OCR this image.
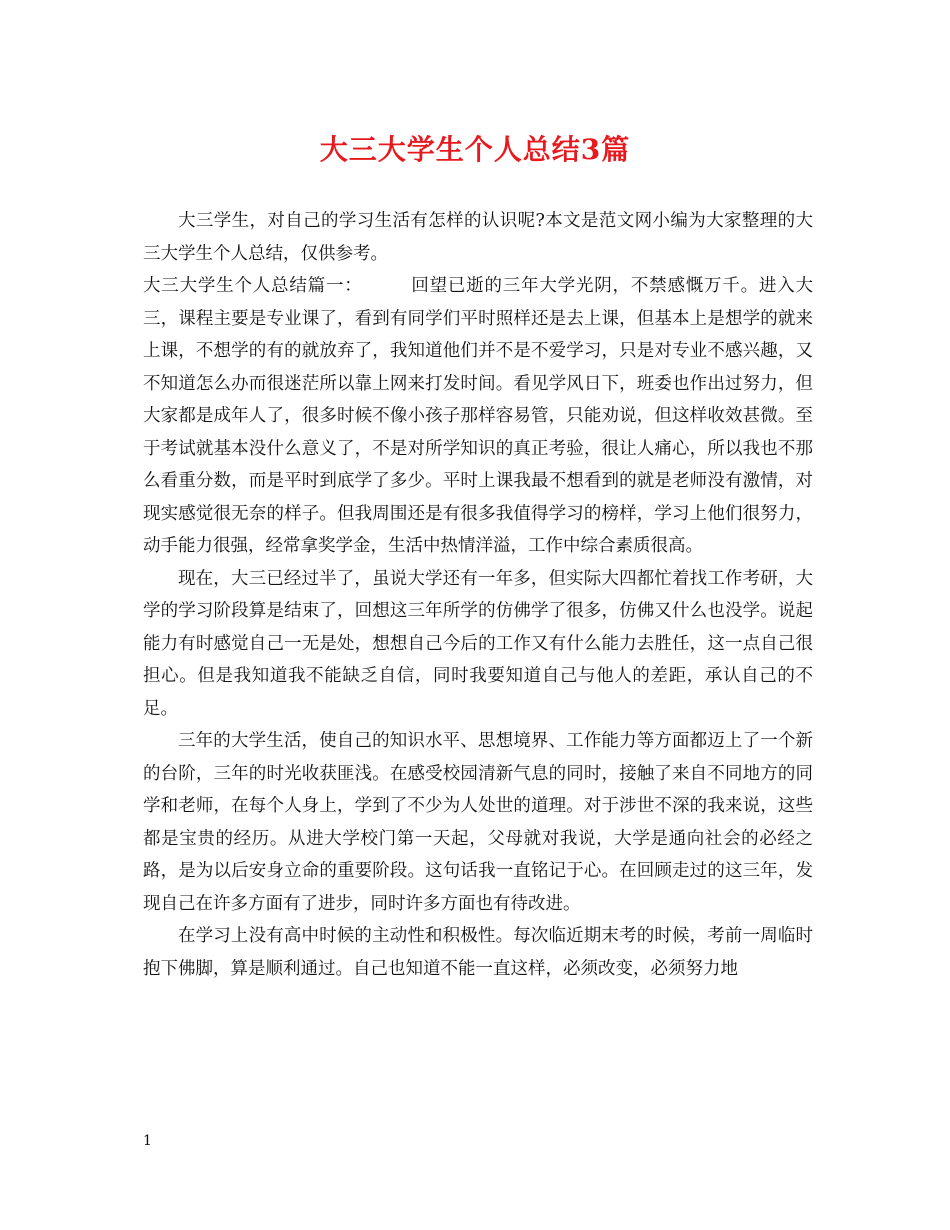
大三大学生个人总结3篇

大三学生，对自己的学习生活有怎样的认识呢?本文是范文网小编为大家整理的大三大学生个人总结，仅供参考。

大三大学生个人总结篇一：	回望已逝的三年大学光阴，不禁感慨万千。进入大三，课程主要是专业课了，看到有同学们平时照样还是去上课，但基本上是想学的就来上课，不想学的有的就放弃了，我知道他们并不是不爱学习，只是对专业不感兴趣，又不知道怎么办而很迷茫所以靠上网来打发时间。看见学风日下，班委也作出过努力，但大家都是成年人了，很多时候不像小孩子那样容易管，只能劝说，但这样收效甚微。至于考试就基本没什么意义了，不是对所学知识的真正考验，很让人痛心，所以我也不那么看重分数，而是平时到底学了多少。平时上课我最不想看到的就是老师没有激情，对现实感觉很无奈的样子。但我周围还是有很多我值得学习的榜样，学习上他们很努力，动手能力很强，经常拿奖学金，生活中热情洋溢，工作中综合素质很高。

现在，大三已经过半了，虽说大学还有一年多，但实际大四都忙着找工作考研，大学的学习阶段算是结束了，回想这三年所学的仿佛学了很多，仿佛又什么也没学。说起能力有时感觉自己一无是处，想想自己今后的工作又有什么能力去胜任，这一点自己很担心。但是我知道我不能缺乏自信，同时我要知道自己与他人的差距，承认自己的不足。

三年的大学生活，使自己的知识水平、思想境界、工作能力等方面都迈上了一个新的台阶，三年的时光收获匪浅。在感受校园清新气息的同时，接触了来自不同地方的同学和老师，在每个人身上，学到了不少为人处世的道理。对于涉世不深的我来说，这些都是宝贵的经历。从进大学校门第一天起，父母就对我说，大学是通向社会的必经之路，是为以后安身立命的重要阶段。这句话我一直铭记于心。在回顾走过的这三年，发现自己在许多方面有了进步，同时许多方面也有待改进。

在学习上没有高中时候的主动性和积极性。每次临近期末考的时候，考前一周临时抱下佛脚，算是顺利通过。自己也知道不能一直这样，必须改变，必须努力地

1
